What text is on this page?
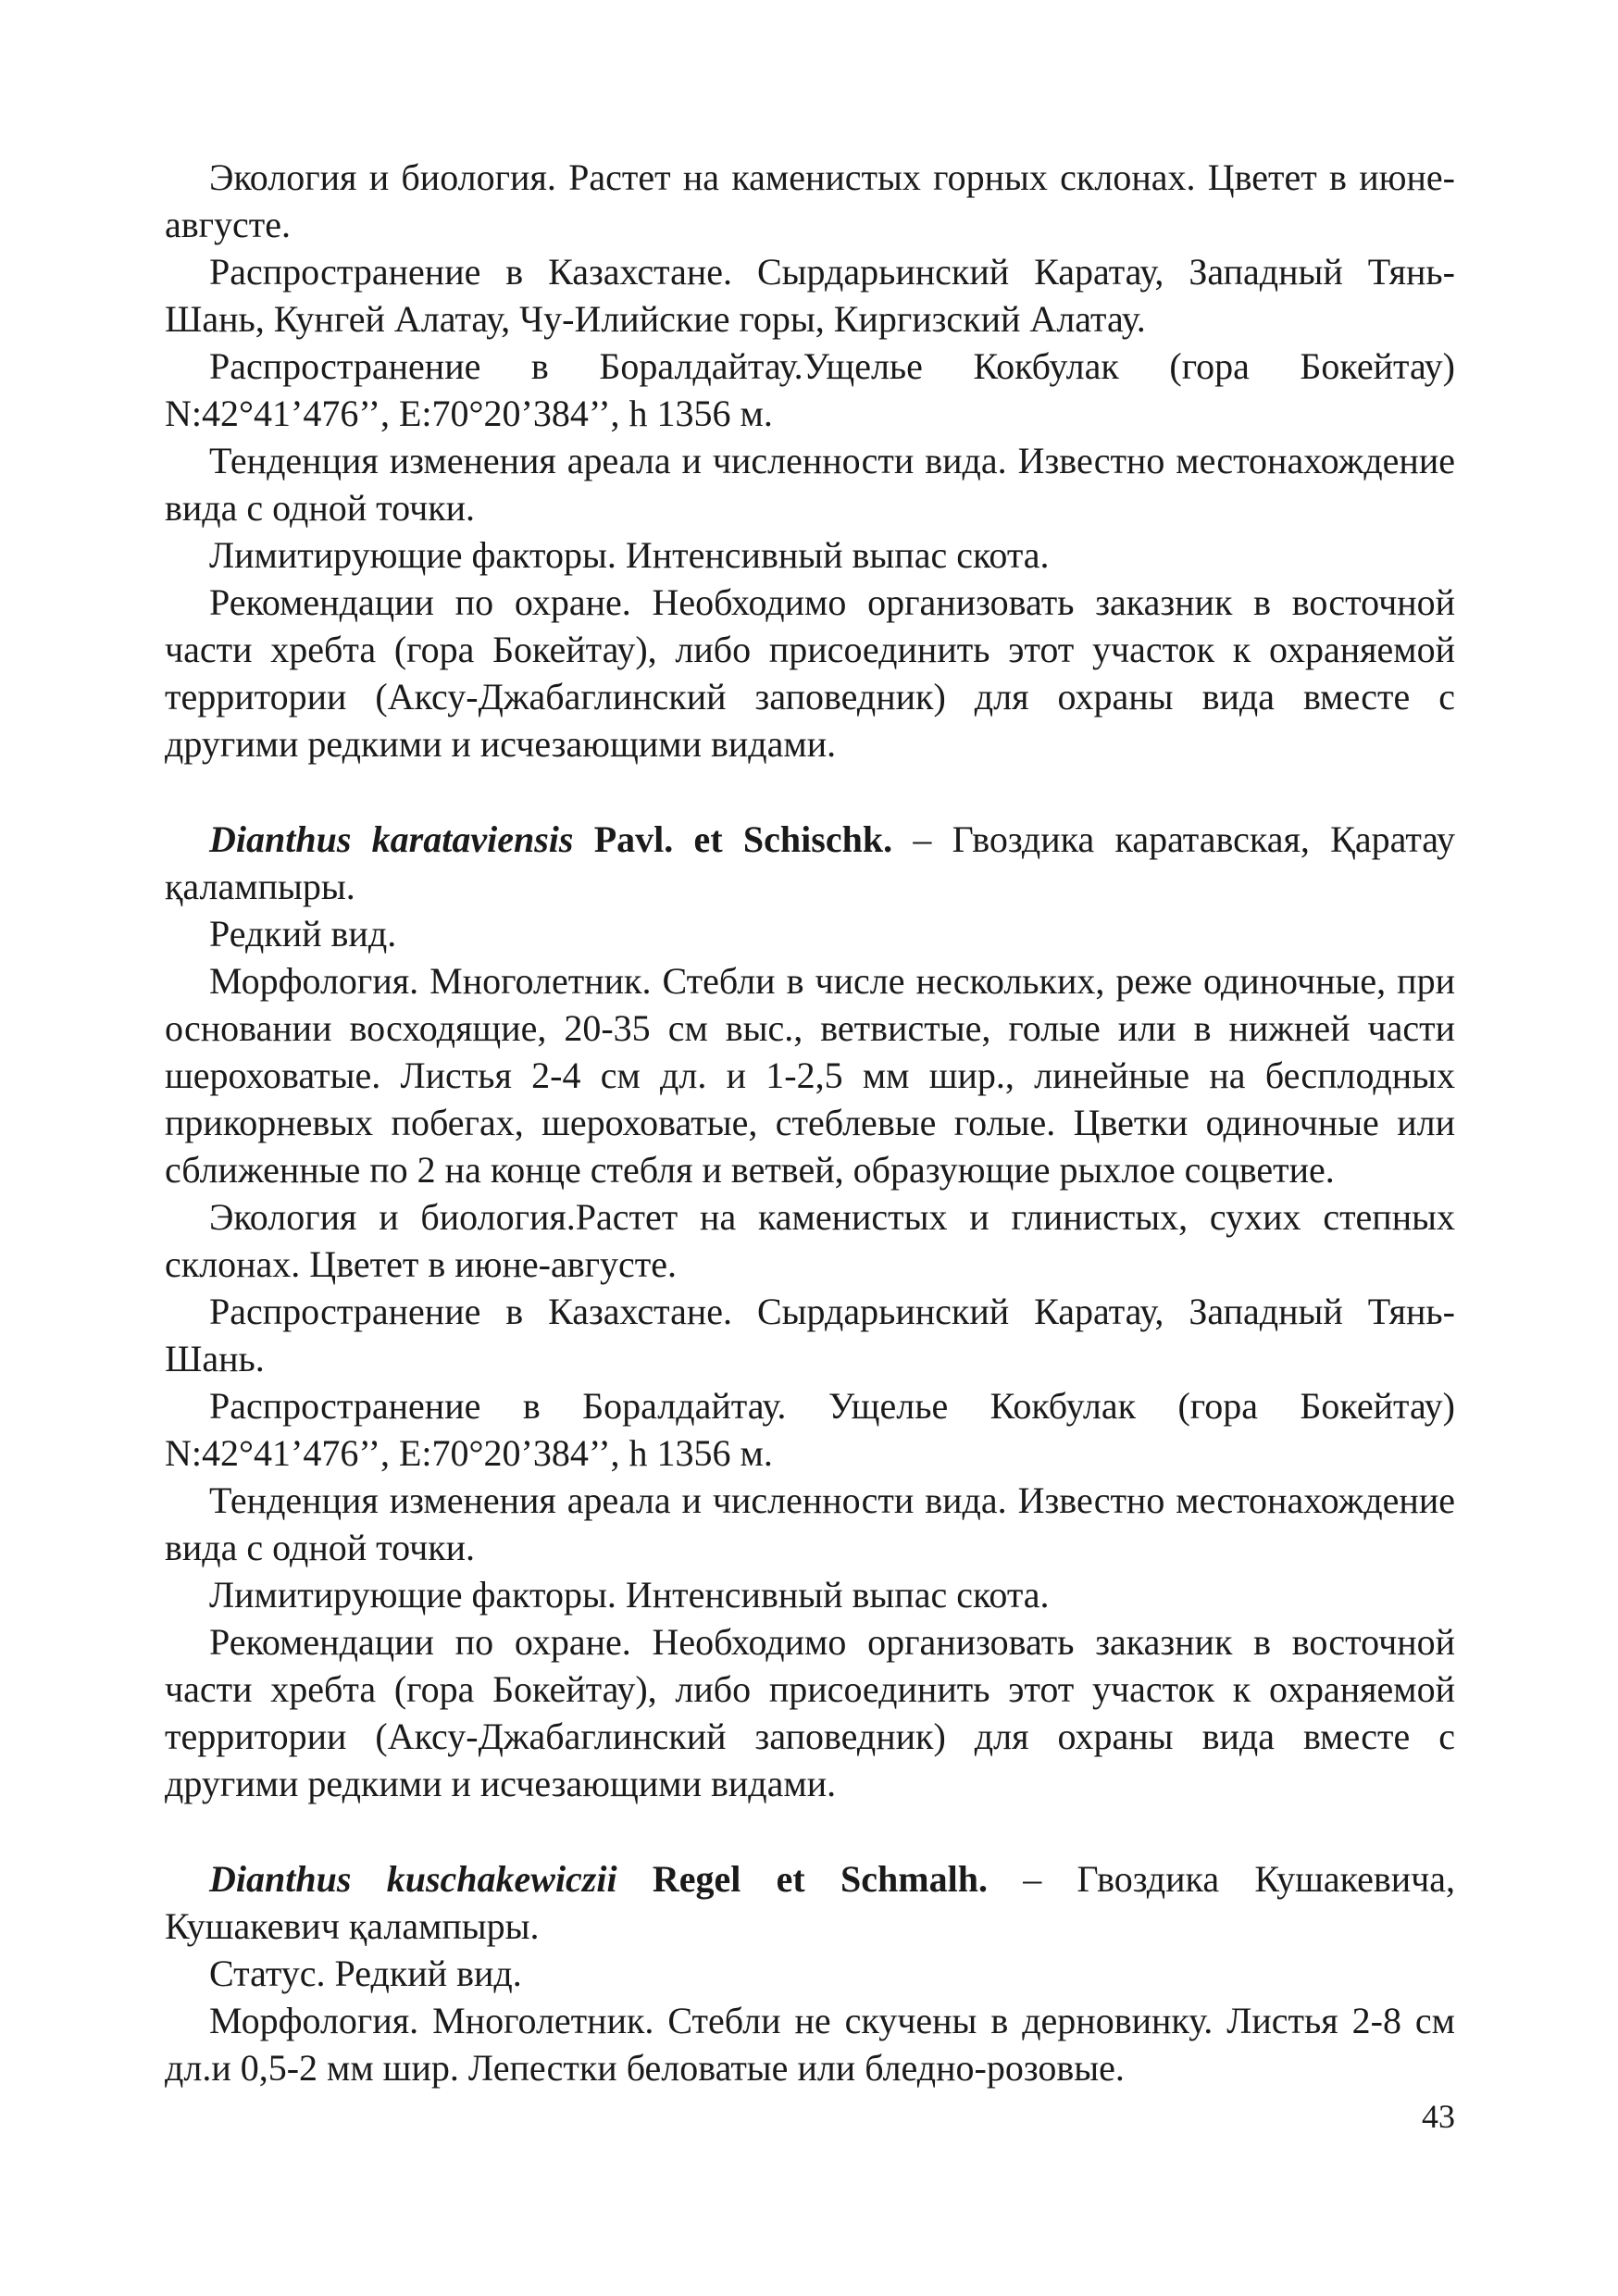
Экология и биология. Растет на каменистых горных склонах. Цветет в июне-августе.

Распространение в Казахстане. Сырдарьинский Каратау, Западный Тянь-Шань, Кунгей Алатау, Чу-Илийские горы, Киргизский Алатау.

Распространение в Боралдайтау.Ущелье Кокбулак (гора Бокейтау) N:42°41’476’’, Е:70°20’384’’, h 1356 м.

Тенденция изменения ареала и численности вида. Известно местонахождение вида с одной точки.

Лимитирующие факторы. Интенсивный выпас скота.

Рекомендации по охране. Необходимо организовать заказник в восточной части хребта (гора Бокейтау), либо присоединить этот участок к охраняемой территории (Аксу-Джабаглинский заповедник) для охраны вида вместе с другими редкими и исчезающими видами.

Dianthus karataviensis Pavl. et Schischk. – Гвоздика каратавская, Қаратау қалампыры.

Редкий вид.

Морфология. Многолетник. Стебли в числе нескольких, реже одиночные, при основании восходящие, 20-35 см выс., ветвистые, голые или в нижней части шероховатые. Листья 2-4 см дл. и 1-2,5 мм шир., линейные на бесплодных прикорневых побегах, шероховатые, стеблевые голые. Цветки одиночные или сближенные по 2 на конце стебля и ветвей, образующие рыхлое соцветие.

Экология и биология.Растет на каменистых и глинистых, сухих степных склонах. Цветет в июне-августе.

Распространение в Казахстане. Сырдарьинский Каратау, Западный Тянь-Шань.

Распространение в Боралдайтау. Ущелье Кокбулак (гора Бокейтау) N:42°41’476’’, Е:70°20’384’’, h 1356 м.

Тенденция изменения ареала и численности вида. Известно местонахождение вида с одной точки.

Лимитирующие факторы. Интенсивный выпас скота.

Рекомендации по охране. Необходимо организовать заказник в восточной части хребта (гора Бокейтау), либо присоединить этот участок к охраняемой территории (Аксу-Джабаглинский заповедник) для охраны вида вместе с другими редкими и исчезающими видами.

Dianthus kuschakewiczii Regel et Schmalh. – Гвоздика Кушакевича, Кушакевич қалампыры.

Статус. Редкий вид.

Морфология. Многолетник. Стебли не скучены в дерновинку. Листья 2-8 см дл.и 0,5-2 мм шир. Лепестки беловатые или бледно-розовые.

43
